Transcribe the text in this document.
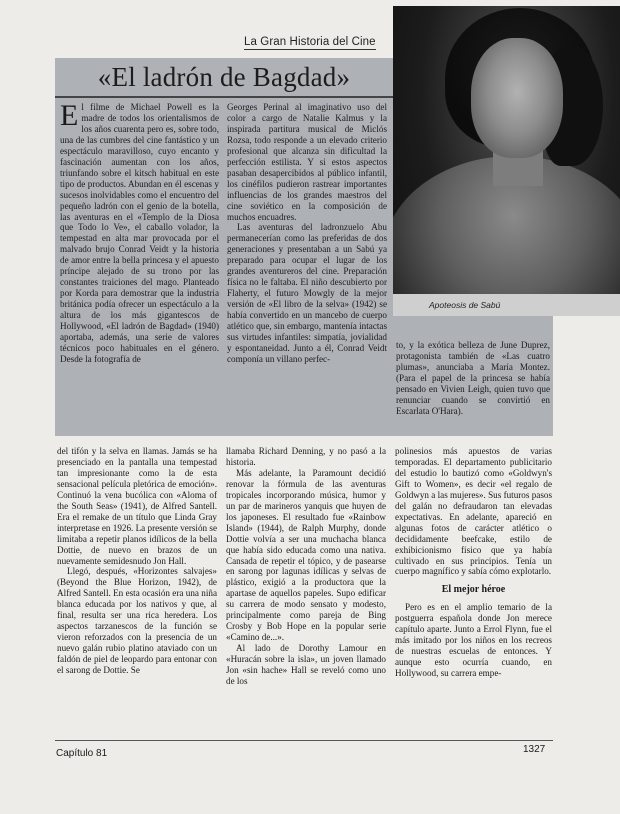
La Gran Historia del Cine
Apoteosis de Sabú
«El ladrón de Bagdad»

El filme de Michael Powell es la madre de todos los orientalismos de los años cuarenta pero es, sobre todo, una de las cumbres del cine fantástico y un espectáculo maravilloso, cuyo encanto y fascinación aumentan con los años, triunfando sobre el kitsch habitual en este tipo de productos. Abundan en él escenas y sucesos inolvidables como el encuentro del pequeño ladrón con el genio de la botella, las aventuras en el «Templo de la Diosa que Todo lo Ve», el caballo volador, la tempestad en alta mar provocada por el malvado brujo Conrad Veidt y la historia de amor entre la bella princesa y el apuesto príncipe alejado de su trono por las constantes traiciones del mago. Planteado por Korda para demostrar que la industria británica podía ofrecer un espectáculo a la altura de los más gigantescos de Hollywood, «El ladrón de Bagdad» (1940) aportaba, además, una serie de valores técnicos poco habituales en el género. Desde la fotografía de

Georges Perinal al imaginativo uso del color a cargo de Natalie Kalmus y la inspirada partitura musical de Miclós Rozsa, todo responde a un elevado criterio profesional que alcanza sin dificultad la perfección estilista. Y si estos aspectos pasaban desapercibidos al público infantil, los cinéfilos pudieron rastrear importantes influencias de los grandes maestros del cine soviético en la composición de muchos encuadres.

Las aventuras del ladronzuelo Abu permanecerían como las preferidas de dos generaciones y presentaban a un Sabú ya preparado para ocupar el lugar de los grandes aventureros del cine. Preparación física no le faltaba. El niño descubierto por Flaherty, el futuro Mowgly de la mejor versión de «El libro de la selva» (1942) se había convertido en un mancebo de cuerpo atlético que, sin embargo, mantenía intactas sus virtudes infantiles: simpatía, jovialidad y espontaneidad. Junto a él, Conrad Veidt componía un villano perfec-

to, y la exótica belleza de June Duprez, protagonista también de «Las cuatro plumas», anunciaba a María Montez. (Para el papel de la princesa se había pensado en Vivien Leigh, quien tuvo que renunciar cuando se convirtió en Escarlata O'Hara).

del tifón y la selva en llamas. Jamás se ha presenciado en la pantalla una tempestad tan impresionante como la de esta sensacional película pletórica de emoción». Continuó la vena bucólica con «Aloma of the South Seas» (1941), de Alfred Santell. Era el remake de un título que Linda Gray interpretase en 1926. La presente versión se limitaba a repetir planos idílicos de la bella Dottie, de nuevo en brazos de un nuevamente semidesnudo Jon Hall.

Llegó, después, «Horizontes salvajes» (Beyond the Blue Horizon, 1942), de Alfred Santell. En esta ocasión era una niña blanca educada por los nativos y que, al final, resulta ser una rica heredera. Los aspectos tarzanescos de la función se vieron reforzados con la presencia de un nuevo galán rubio platino ataviado con un faldón de piel de leopardo para entonar con el sarong de Dottie. Se

llamaba Richard Denning, y no pasó a la historia.

Más adelante, la Paramount decidió renovar la fórmula de las aventuras tropicales incorporando música, humor y un par de marineros yanquis que huyen de los japoneses. El resultado fue «Rainbow Island» (1944), de Ralph Murphy, donde Dottie volvía a ser una muchacha blanca que había sido educada como una nativa. Cansada de repetir el tópico, y de pasearse en sarong por lagunas idílicas y selvas de plástico, exigió a la productora que la apartase de aquellos papeles. Supo edificar su carrera de modo sensato y modesto, principalmente como pareja de Bing Crosby y Bob Hope en la popular serie «Camino de...».

Al lado de Dorothy Lamour en «Huracán sobre la isla», un joven llamado Jon «sin hache» Hall se reveló como uno de los

polinesios más apuestos de varias temporadas. El departamento publicitario del estudio lo bautizó como «Goldwyn's Gift to Women», es decir «el regalo de Goldwyn a las mujeres». Sus futuros pasos del galán no defraudaron tan elevadas expectativas. En adelante, apareció en algunas fotos de carácter atlético o decididamente beefcake, estilo de exhibicionismo físico que ya había cultivado en sus principios. Tenía un cuerpo magnífico y sabía cómo explotarlo.

El mejor héroe

Pero es en el amplio temario de la postguerra española donde Jon merece capítulo aparte. Junto a Errol Flynn, fue el más imitado por los niños en los recreos de nuestras escuelas de entonces. Y aunque esto ocurría cuando, en Hollywood, su carrera empe-

Capítulo 81	1327
